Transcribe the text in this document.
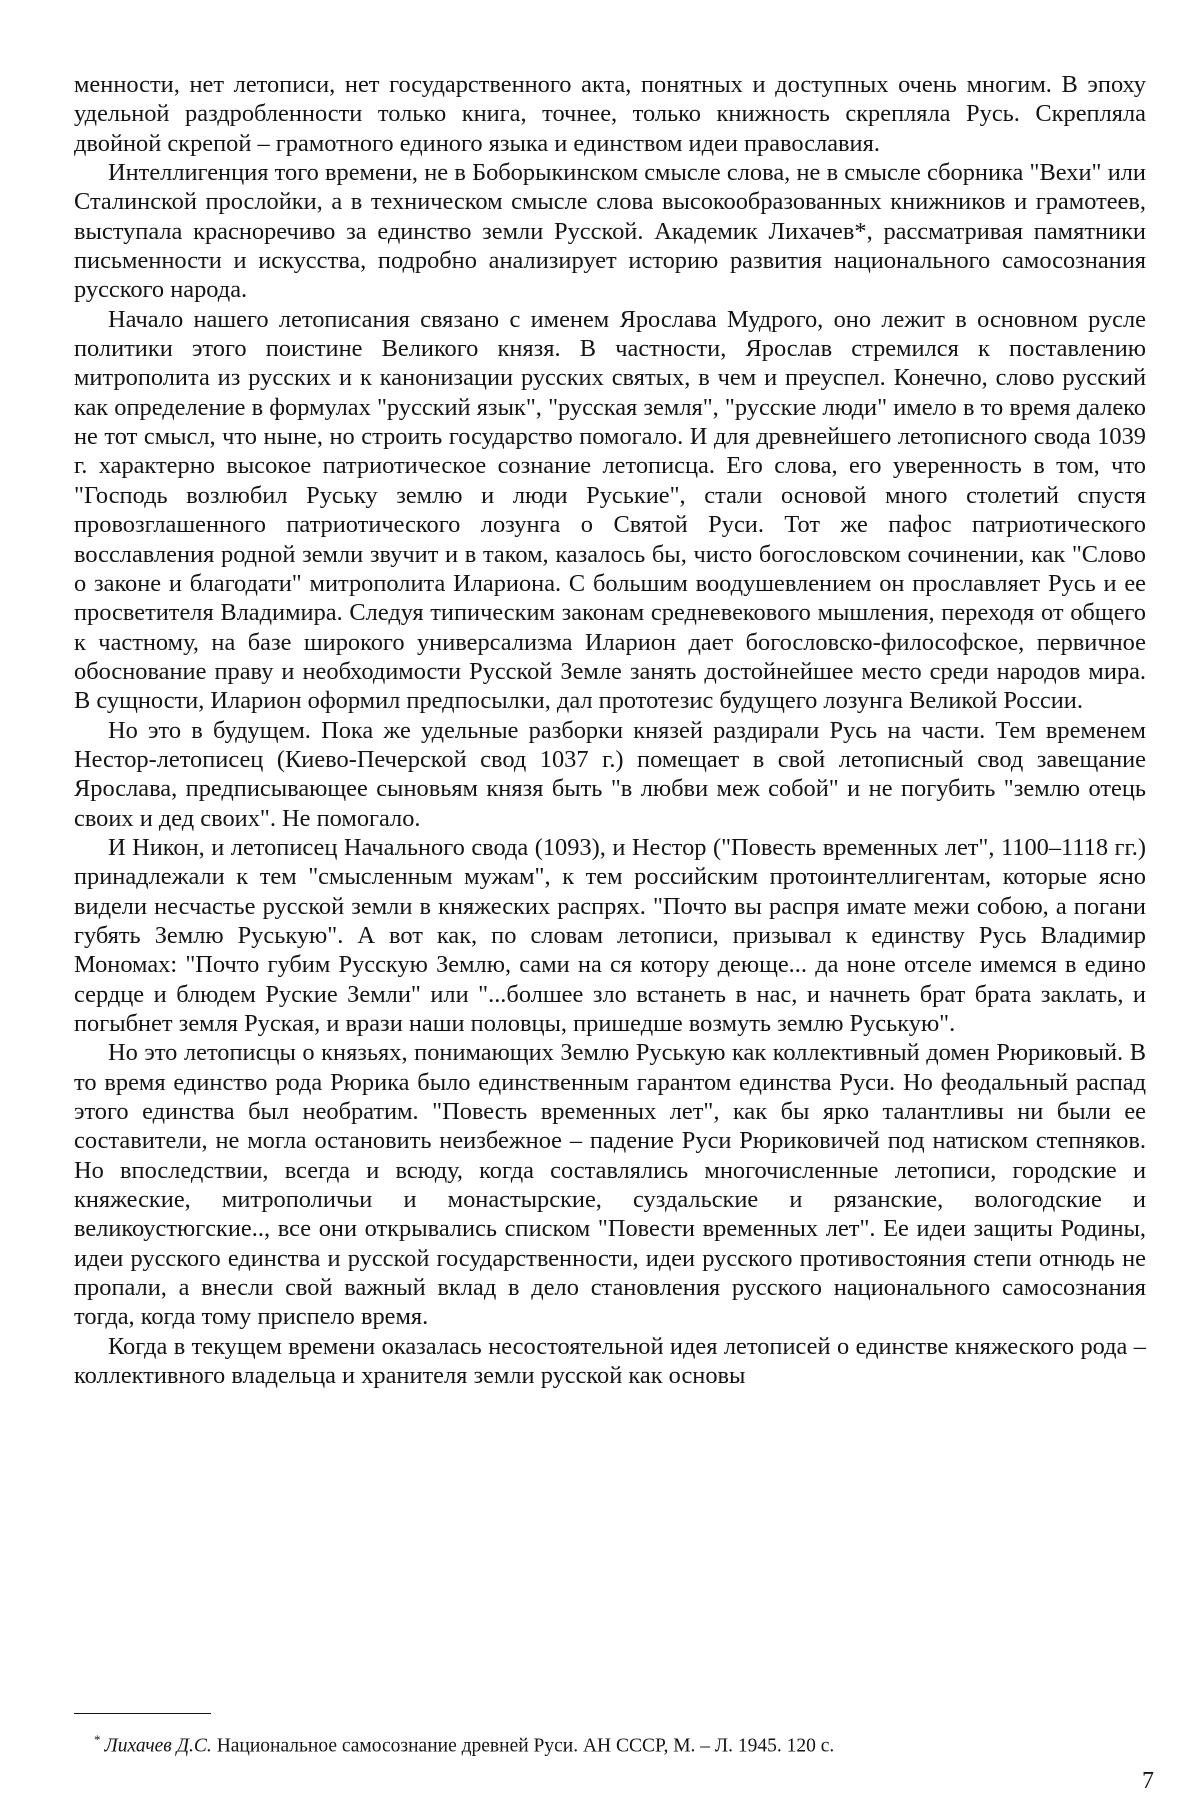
менности, нет летописи, нет государственного акта, понятных и доступных очень многим. В эпоху удельной раздробленности только книга, точнее, только книжность скрепляла Русь. Скрепляла двойной скрепой – грамотного единого языка и единством идеи православия.

Интеллигенция того времени, не в Боборыкинском смысле слова, не в смысле сборника "Вехи" или Сталинской прослойки, а в техническом смысле слова высокообразованных книжников и грамотеев, выступала красноречиво за единство земли Русской. Академик Лихачев*, рассматривая памятники письменности и искусства, подробно анализирует историю развития национального самосознания русского народа.

Начало нашего летописания связано с именем Ярослава Мудрого, оно лежит в основном русле политики этого поистине Великого князя. В частности, Ярослав стремился к поставлению митрополита из русских и к канонизации русских святых, в чем и преуспел. Конечно, слово русский как определение в формулах "русский язык", "русская земля", "русские люди" имело в то время далеко не тот смысл, что ныне, но строить государство помогало. И для древнейшего летописного свода 1039 г. характерно высокое патриотическое сознание летописца. Его слова, его уверенность в том, что "Господь возлюбил Руську землю и люди Руськие", стали основой много столетий спустя провозглашенного патриотического лозунга о Святой Руси. Тот же пафос патриотического восславления родной земли звучит и в таком, казалось бы, чисто богословском сочинении, как "Слово о законе и благодати" митрополита Илариона. С большим воодушевлением он прославляет Русь и ее просветителя Владимира. Следуя типическим законам средневекового мышления, переходя от общего к частному, на базе широкого универсализма Иларион дает богословско-философское, первичное обоснование праву и необходимости Русской Земле занять достойнейшее место среди народов мира. В сущности, Иларион оформил предпосылки, дал прототезис будущего лозунга Великой России.

Но это в будущем. Пока же удельные разборки князей раздирали Русь на части. Тем временем Нестор-летописец (Киево-Печерской свод 1037 г.) помещает в свой летописный свод завещание Ярослава, предписывающее сыновьям князя быть "в любви меж собой" и не погубить "землю отець своих и дед своих". Не помогало.

И Никон, и летописец Начального свода (1093), и Нестор ("Повесть временных лет", 1100–1118 гг.) принадлежали к тем "смысленным мужам", к тем российским протоинтеллигентам, которые ясно видели несчастье русской земли в княжеских распрях. "Почто вы распря имате межи собою, а погани губять Землю Руськую". А вот как, по словам летописи, призывал к единству Русь Владимир Мономах: "Почто губим Русскую Землю, сами на ся котору деюще... да ноне отселе имемся в едино сердце и блюдем Руские Земли" или "...болшее зло встанеть в нас, и начнеть брат брата заклать, и погыбнет земля Руская, и врази наши половцы, пришедше возмуть землю Руськую".

Но это летописцы о князьях, понимающих Землю Руськую как коллективный домен Рюриковый. В то время единство рода Рюрика было единственным гарантом единства Руси. Но феодальный распад этого единства был необратим. "Повесть временных лет", как бы ярко талантливы ни были ее составители, не могла остановить неизбежное – падение Руси Рюриковичей под натиском степняков. Но впоследствии, всегда и всюду, когда составлялись многочисленные летописи, городские и княжеские, митрополичьи и монастырские, суздальские и рязанские, вологодские и великоустюгские.., все они открывались списком "Повести временных лет". Ее идеи защиты Родины, идеи русского единства и русской государственности, идеи русского противостояния степи отнюдь не пропали, а внесли свой важный вклад в дело становления русского национального самосознания тогда, когда тому приспело время.

Когда в текущем времени оказалась несостоятельной идея летописей о единстве княжеского рода – коллективного владельца и хранителя земли русской как основы

* Лихачев Д.С. Национальное самосознание древней Руси. АН СССР, М. – Л. 1945. 120 с.
7
